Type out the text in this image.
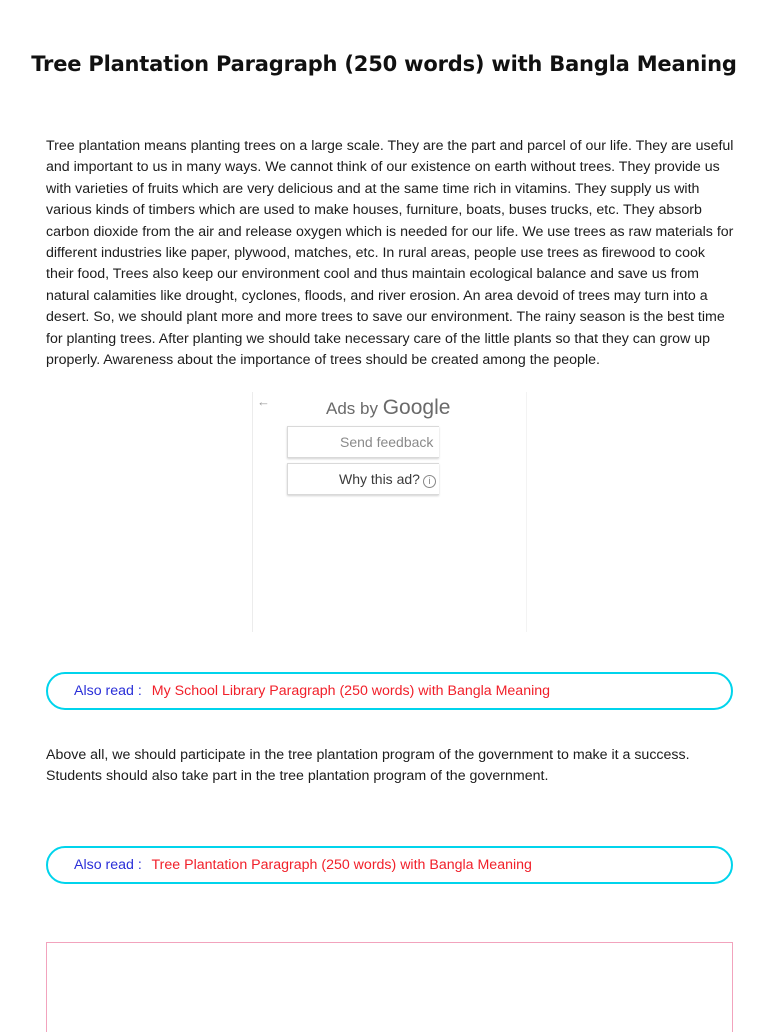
Tree Plantation Paragraph (250 words) with Bangla Meaning

Tree plantation means planting trees on a large scale. They are the part and parcel of our life. They are useful and important to us in many ways. We cannot think of our existence on earth without trees. They provide us with varieties of fruits which are very delicious and at the same time rich in vitamins. They supply us with various kinds of timbers which are used to make houses, furniture, boats, buses trucks, etc. They absorb carbon dioxide from the air and release oxygen which is needed for our life. We use trees as raw materials for different industries like paper, plywood, matches, etc. In rural areas, people use trees as firewood to cook their food, Trees also keep our environment cool and thus maintain ecological balance and save us from natural calamities like drought, cyclones, floods, and river erosion. An area devoid of trees may turn into a desert. So, we should plant more and more trees to save our environment. The rainy season is the best time for planting trees. After planting we should take necessary care of the little plants so that they can grow up properly. Awareness about the importance of trees should be created among the people.

←	Ads by Google
Send feedback
Why this ad? i
Also read : My School Library Paragraph (250 words) with Bangla Meaning

Above all, we should participate in the tree plantation program of the government to make it a success. Students should also take part in the tree plantation program of the government.

Also read : Tree Plantation Paragraph (250 words) with Bangla Meaning
